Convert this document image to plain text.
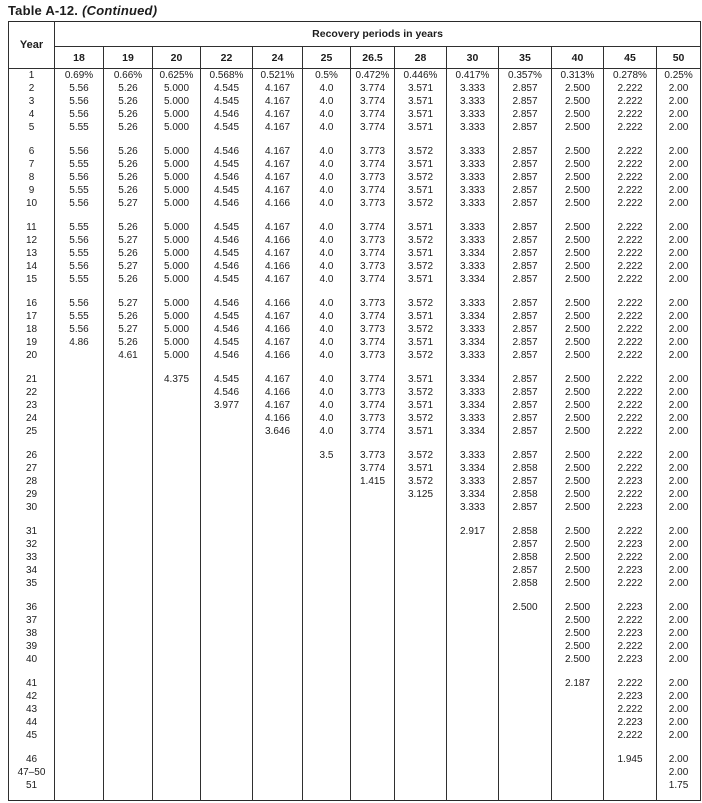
Table A-12. (Continued)
Year	Recovery periods in years												
	18	19	20	22	24	25	26.5	28	30	35	40	45	50
1	0.69%	0.66%	0.625%	0.568%	0.521%	0.5%	0.472%	0.446%	0.417%	0.357%	0.313%	0.278%	0.25%
2	5.56	5.26	5.000	4.545	4.167	4.0	3.774	3.571	3.333	2.857	2.500	2.222	2.00
3	5.56	5.26	5.000	4.545	4.167	4.0	3.774	3.571	3.333	2.857	2.500	2.222	2.00
4	5.56	5.26	5.000	4.546	4.167	4.0	3.774	3.571	3.333	2.857	2.500	2.222	2.00
5	5.55	5.26	5.000	4.545	4.167	4.0	3.774	3.571	3.333	2.857	2.500	2.222	2.00

6	5.56	5.26	5.000	4.546	4.167	4.0	3.773	3.572	3.333	2.857	2.500	2.222	2.00
7	5.55	5.26	5.000	4.545	4.167	4.0	3.774	3.571	3.333	2.857	2.500	2.222	2.00
8	5.56	5.26	5.000	4.546	4.167	4.0	3.773	3.572	3.333	2.857	2.500	2.222	2.00
9	5.55	5.26	5.000	4.545	4.167	4.0	3.774	3.571	3.333	2.857	2.500	2.222	2.00
10	5.56	5.27	5.000	4.546	4.166	4.0	3.773	3.572	3.333	2.857	2.500	2.222	2.00

11	5.55	5.26	5.000	4.545	4.167	4.0	3.774	3.571	3.333	2.857	2.500	2.222	2.00
12	5.56	5.27	5.000	4.546	4.166	4.0	3.773	3.572	3.333	2.857	2.500	2.222	2.00
13	5.55	5.26	5.000	4.545	4.167	4.0	3.774	3.571	3.334	2.857	2.500	2.222	2.00
14	5.56	5.27	5.000	4.546	4.166	4.0	3.773	3.572	3.333	2.857	2.500	2.222	2.00
15	5.55	5.26	5.000	4.545	4.167	4.0	3.774	3.571	3.334	2.857	2.500	2.222	2.00

16	5.56	5.27	5.000	4.546	4.166	4.0	3.773	3.572	3.333	2.857	2.500	2.222	2.00
17	5.55	5.26	5.000	4.545	4.167	4.0	3.774	3.571	3.334	2.857	2.500	2.222	2.00
18	5.56	5.27	5.000	4.546	4.166	4.0	3.773	3.572	3.333	2.857	2.500	2.222	2.00
19	4.86	5.26	5.000	4.545	4.167	4.0	3.774	3.571	3.334	2.857	2.500	2.222	2.00
20		4.61	5.000	4.546	4.166	4.0	3.773	3.572	3.333	2.857	2.500	2.222	2.00

21			4.375	4.545	4.167	4.0	3.774	3.571	3.334	2.857	2.500	2.222	2.00
22				4.546	4.166	4.0	3.773	3.572	3.333	2.857	2.500	2.222	2.00
23				3.977	4.167	4.0	3.774	3.571	3.334	2.857	2.500	2.222	2.00
24					4.166	4.0	3.773	3.572	3.333	2.857	2.500	2.222	2.00
25					3.646	4.0	3.774	3.571	3.334	2.857	2.500	2.222	2.00

26						3.5	3.773	3.572	3.333	2.857	2.500	2.222	2.00
27							3.774	3.571	3.334	2.858	2.500	2.222	2.00
28							1.415	3.572	3.333	2.857	2.500	2.223	2.00
29								3.125	3.334	2.858	2.500	2.222	2.00
30									3.333	2.857	2.500	2.223	2.00

31									2.917	2.858	2.500	2.222	2.00
32										2.857	2.500	2.223	2.00
33										2.858	2.500	2.222	2.00
34										2.857	2.500	2.223	2.00
35										2.858	2.500	2.222	2.00

36										2.500	2.500	2.223	2.00
37											2.500	2.222	2.00
38											2.500	2.223	2.00
39											2.500	2.222	2.00
40											2.500	2.223	2.00

41											2.187	2.222	2.00
42												2.223	2.00
43												2.222	2.00
44												2.223	2.00
45												2.222	2.00

46												1.945	2.00
47–50													2.00
51													1.75
